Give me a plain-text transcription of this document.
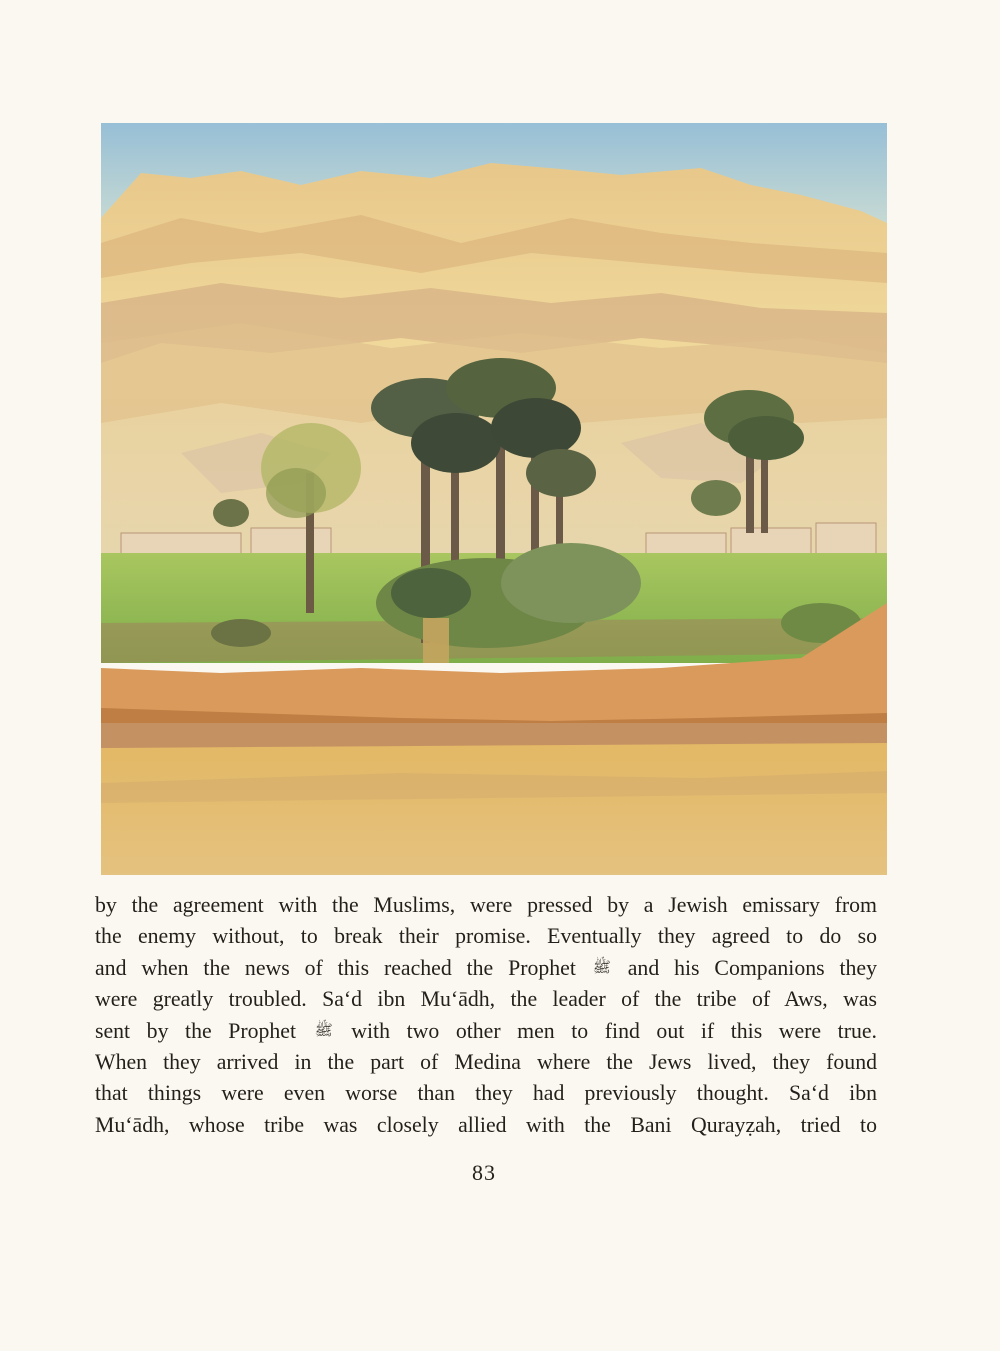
by the agreement with the Muslims, were pressed by a Jewish emissary from
the enemy without, to break their promise. Eventually they agreed to do so
and when the news of this reached the Prophet ﷺ and his Companions they
were greatly troubled. Sa‘d ibn Mu‘ādh, the leader of the tribe of Aws, was
sent by the Prophet ﷺ with two other men to find out if this were true.
When they arrived in the part of Medina where the Jews lived, they found
that things were even worse than they had previously thought. Sa‘d ibn
Mu‘ādh, whose tribe was closely allied with the Bani Qurayẓah, tried to
83
